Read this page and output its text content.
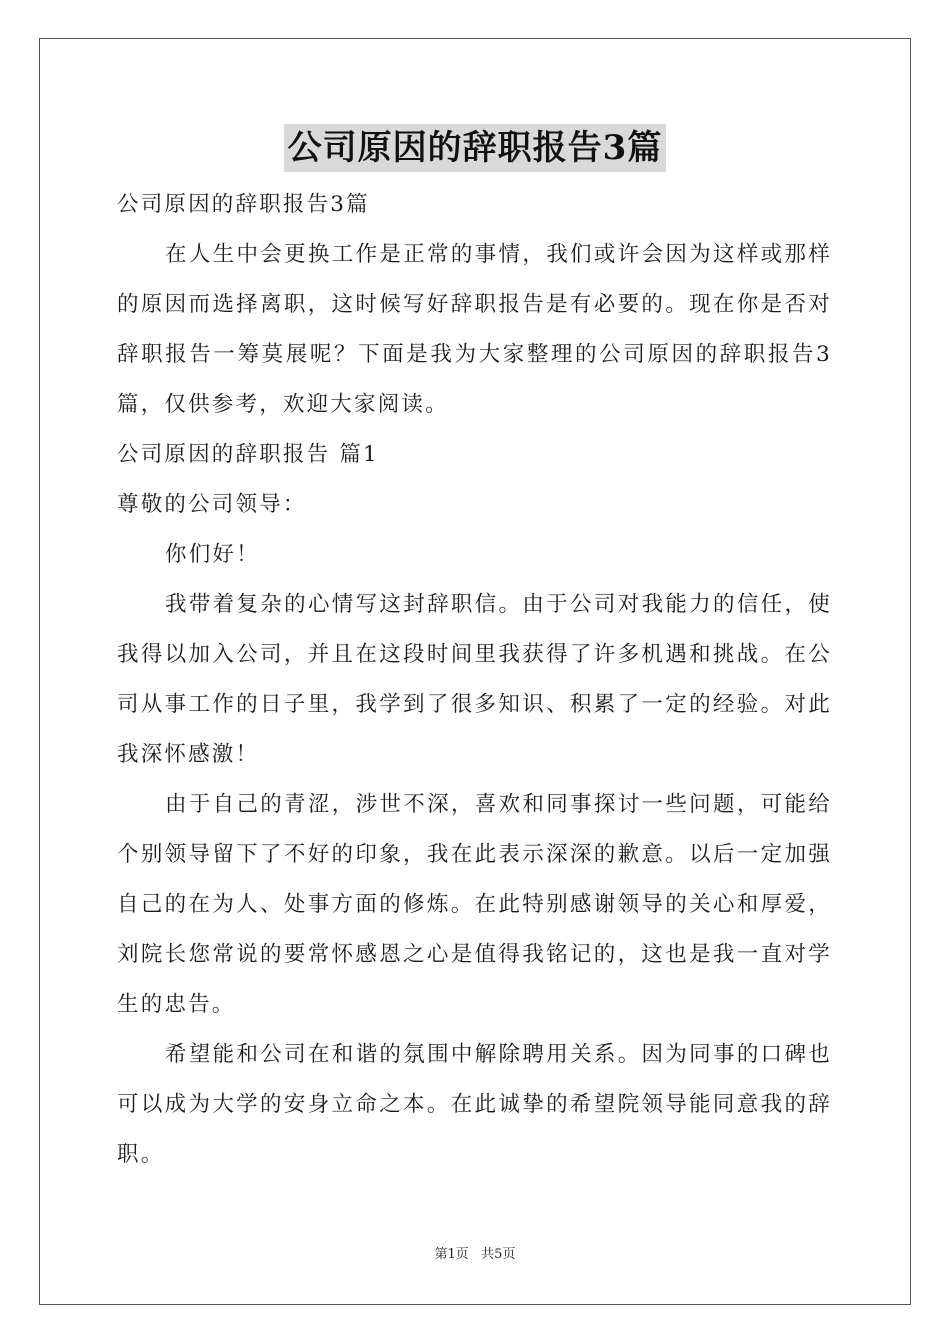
公司原因的辞职报告3篇

公司原因的辞职报告3篇

在人生中会更换工作是正常的事情，我们或许会因为这样或那样的原因而选择离职，这时候写好辞职报告是有必要的。现在你是否对辞职报告一筹莫展呢？下面是我为大家整理的公司原因的辞职报告3篇，仅供参考，欢迎大家阅读。

公司原因的辞职报告 篇1

尊敬的公司领导：

你们好！

我带着复杂的心情写这封辞职信。由于公司对我能力的信任，使我得以加入公司，并且在这段时间里我获得了许多机遇和挑战。在公司从事工作的日子里，我学到了很多知识、积累了一定的经验。对此我深怀感激！

由于自己的青涩，涉世不深，喜欢和同事探讨一些问题，可能给个别领导留下了不好的印象，我在此表示深深的歉意。以后一定加强自己的在为人、处事方面的修炼。在此特别感谢领导的关心和厚爱，刘院长您常说的要常怀感恩之心是值得我铭记的，这也是我一直对学生的忠告。

希望能和公司在和谐的氛围中解除聘用关系。因为同事的口碑也可以成为大学的安身立命之本。在此诚挚的希望院领导能同意我的辞职。

第1页   共5页
